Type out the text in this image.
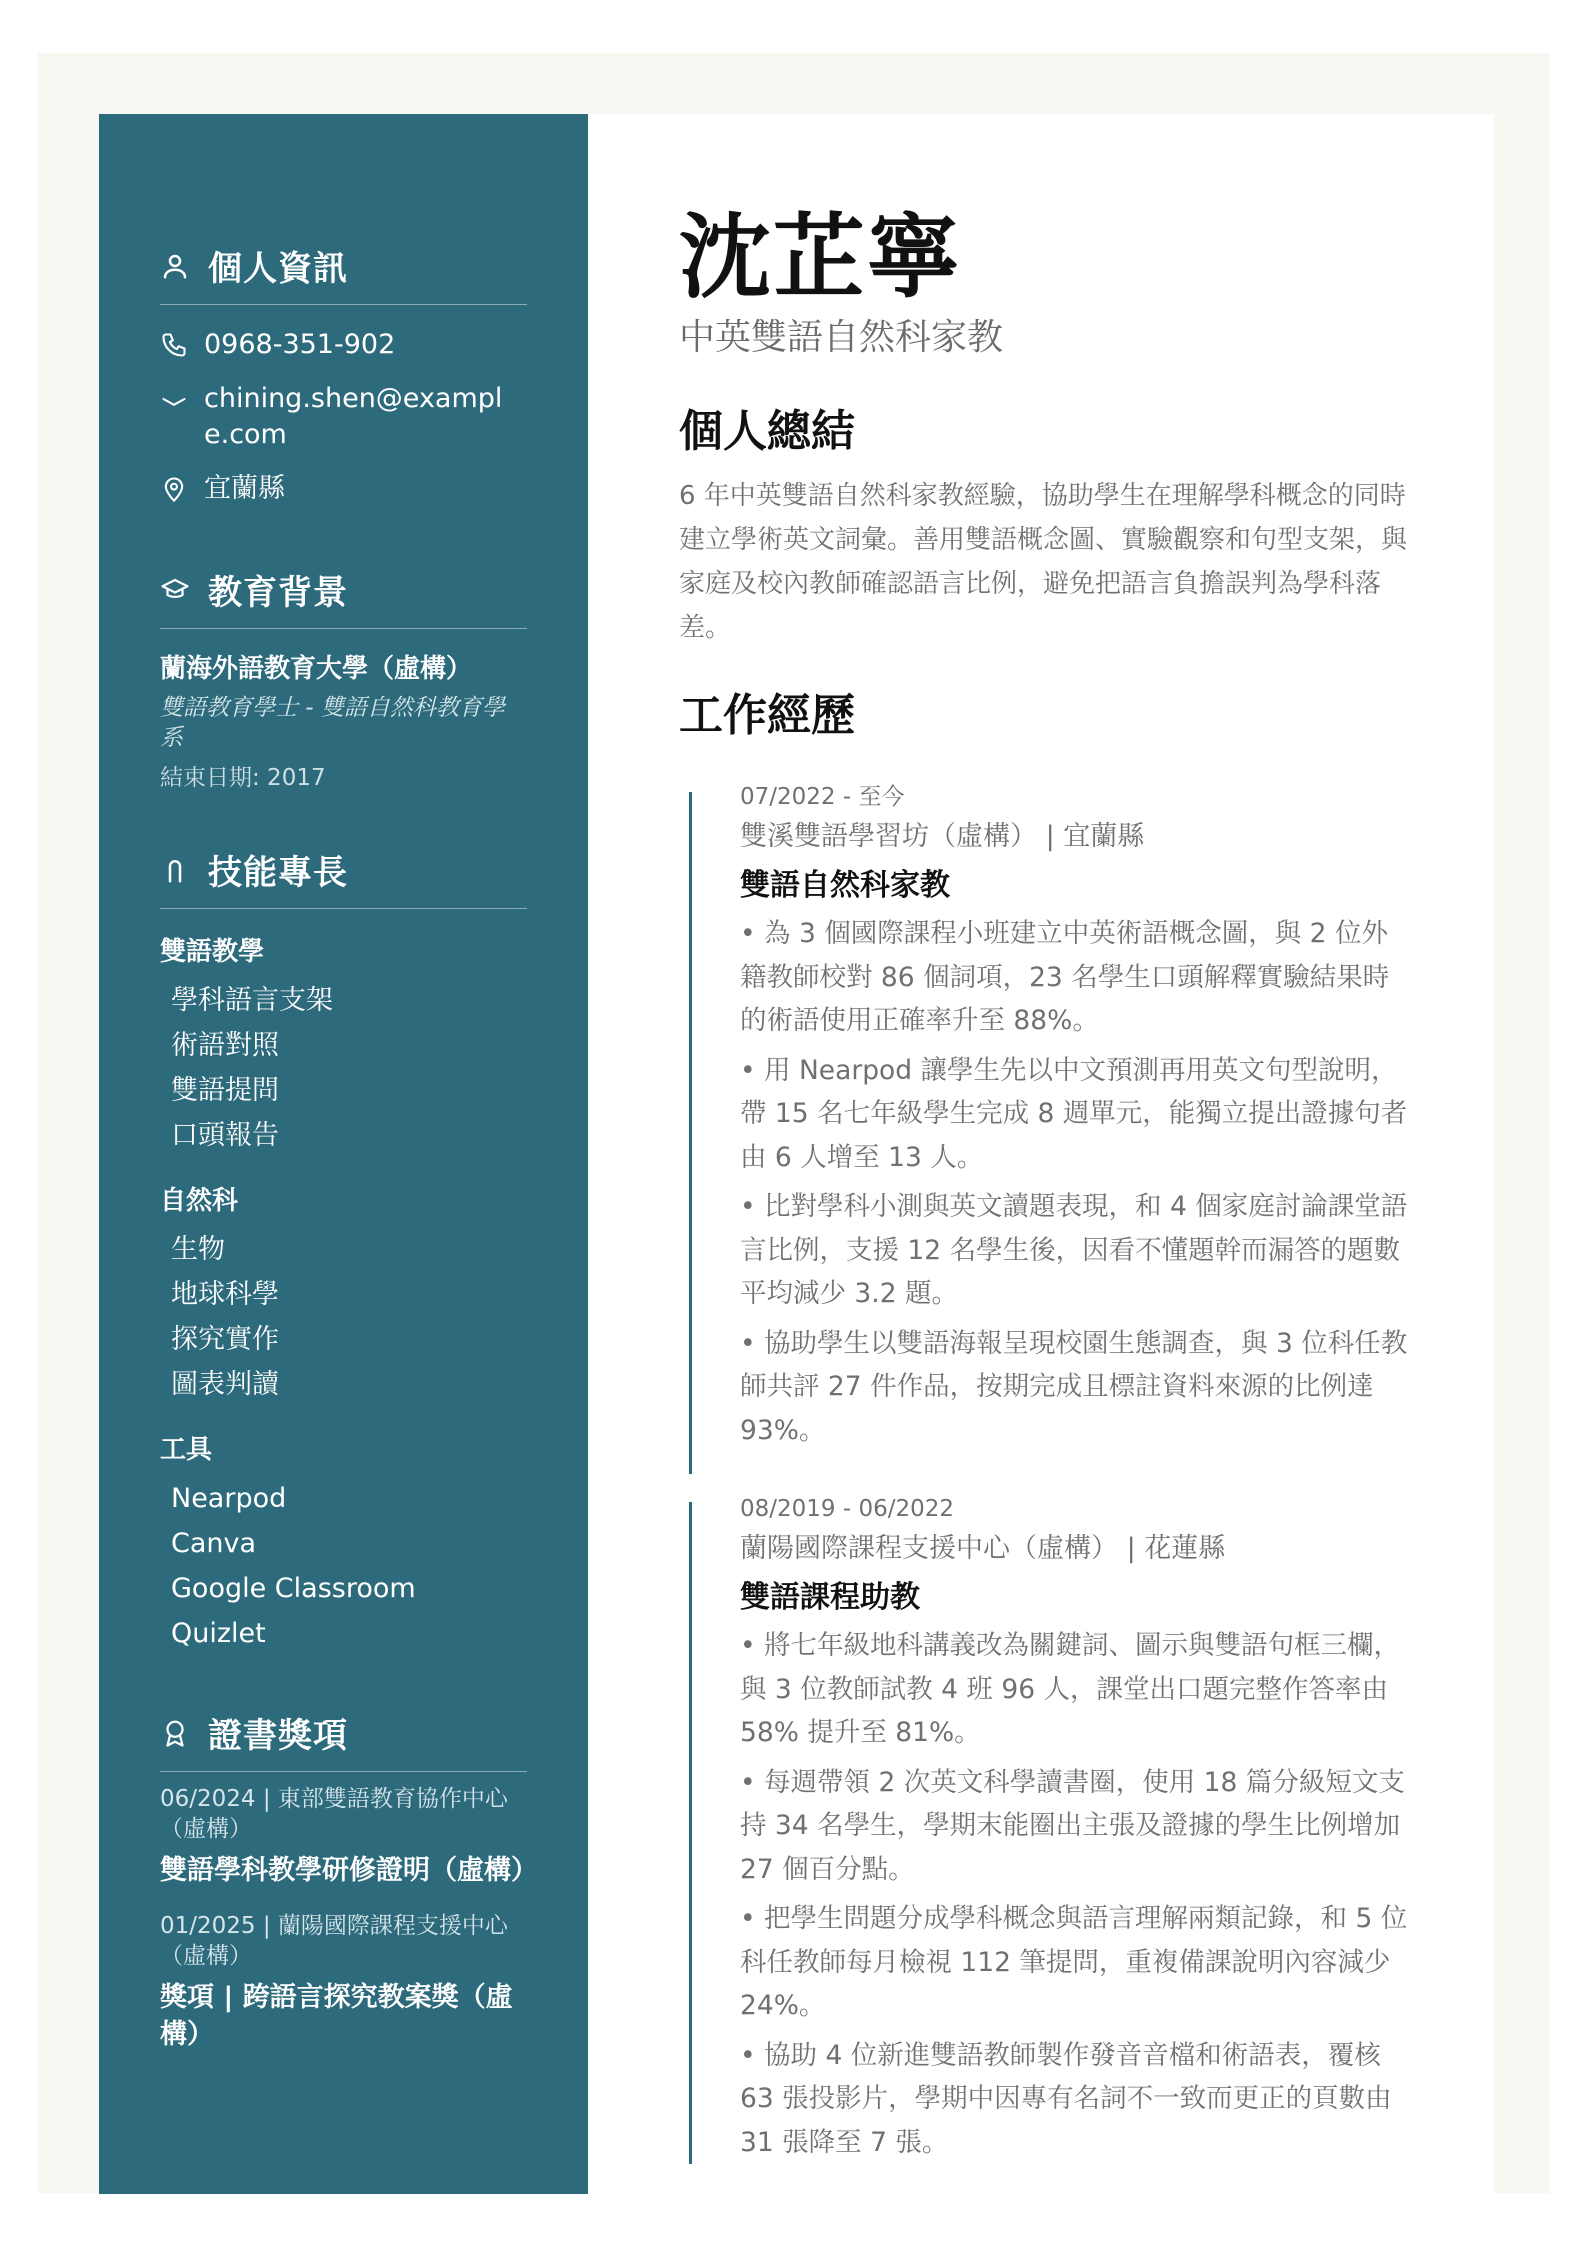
個人資訊
0968-351-902
chining.shen@example.com
宜蘭縣
教育背景
蘭海外語教育大學（虛構）
雙語教育學士 - 雙語自然科教育學系
結束日期: 2017
技能專長
雙語教學
學科語言支架
術語對照
雙語提問
口頭報告
自然科
生物
地球科學
探究實作
圖表判讀
工具
Nearpod
Canva
Google Classroom
Quizlet
證書獎項
06/2024 | 東部雙語教育協作中心（虛構）
雙語學科教學研修證明（虛構）
01/2025 | 蘭陽國際課程支援中心（虛構）
獎項 | 跨語言探究教案獎（虛構）
沈芷寧
中英雙語自然科家教
個人總結
6 年中英雙語自然科家教經驗，協助學生在理解學科概念的同時建立學術英文詞彙。善用雙語概念圖、實驗觀察和句型支架，與家庭及校內教師確認語言比例，避免把語言負擔誤判為學科落差。
工作經歷
07/2022 - 至今
雙溪雙語學習坊（虛構） | 宜蘭縣
雙語自然科家教
• 為 3 個國際課程小班建立中英術語概念圖，與 2 位外籍教師校對 86 個詞項，23 名學生口頭解釋實驗結果時的術語使用正確率升至 88%。
• 用 Nearpod 讓學生先以中文預測再用英文句型說明，帶 15 名七年級學生完成 8 週單元，能獨立提出證據句者由 6 人增至 13 人。
• 比對學科小測與英文讀題表現，和 4 個家庭討論課堂語言比例，支援 12 名學生後，因看不懂題幹而漏答的題數平均減少 3.2 題。
• 協助學生以雙語海報呈現校園生態調查，與 3 位科任教師共評 27 件作品，按期完成且標註資料來源的比例達 93%。
08/2019 - 06/2022
蘭陽國際課程支援中心（虛構） | 花蓮縣
雙語課程助教
• 將七年級地科講義改為關鍵詞、圖示與雙語句框三欄，與 3 位教師試教 4 班 96 人，課堂出口題完整作答率由 58% 提升至 81%。
• 每週帶領 2 次英文科學讀書圈，使用 18 篇分級短文支持 34 名學生，學期末能圈出主張及證據的學生比例增加 27 個百分點。
• 把學生問題分成學科概念與語言理解兩類記錄，和 5 位科任教師每月檢視 112 筆提問，重複備課說明內容減少 24%。
• 協助 4 位新進雙語教師製作發音音檔和術語表，覆核 63 張投影片，學期中因專有名詞不一致而更正的頁數由 31 張降至 7 張。
